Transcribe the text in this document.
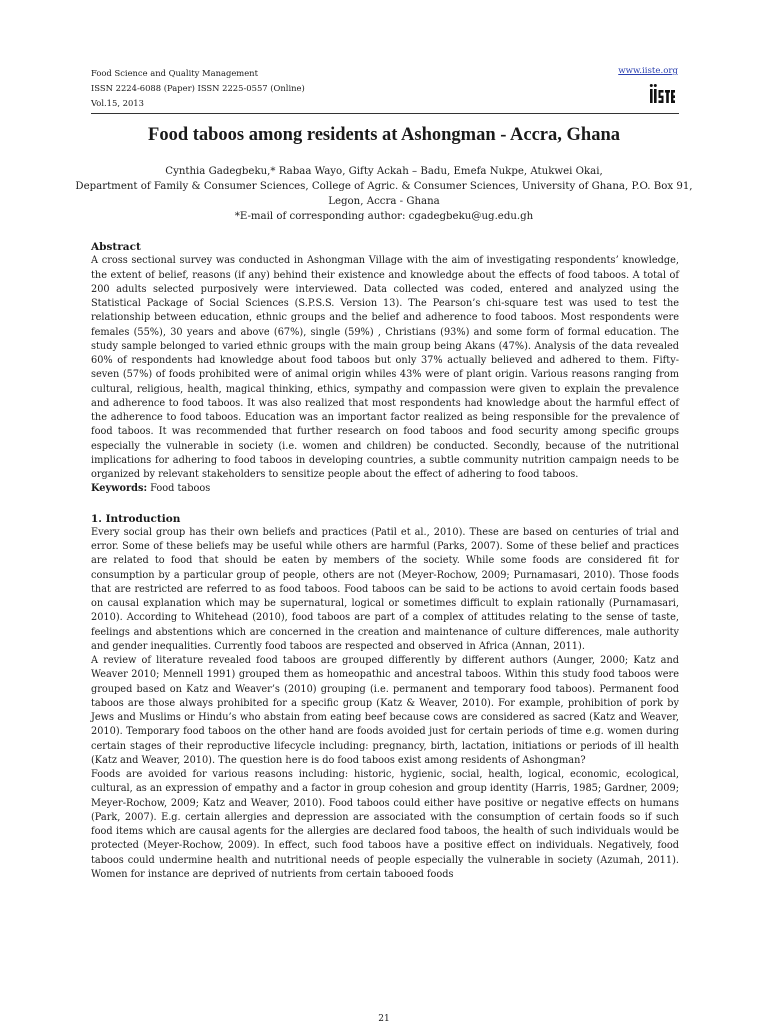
Food Science and Quality Management
ISSN 2224-6088 (Paper) ISSN 2225-0557 (Online)
Vol.15, 2013
www.iiste.org
Food taboos among residents at Ashongman - Accra, Ghana
Cynthia Gadegbeku,* Rabaa Wayo, Gifty Ackah – Badu, Emefa Nukpe, Atukwei Okai,
Department of Family & Consumer Sciences, College of Agric. & Consumer Sciences, University of Ghana, P.O. Box 91, Legon, Accra - Ghana
*E-mail of corresponding author: cgadegbeku@ug.edu.gh
Abstract

A cross sectional survey was conducted in Ashongman Village with the aim of investigating respondents’ knowledge, the extent of belief, reasons (if any) behind their existence and knowledge about the effects of food taboos. A total of 200 adults selected purposively were interviewed. Data collected was coded, entered and analyzed using the Statistical Package of Social Sciences (S.P.S.S. Version 13). The Pearson’s chi-square test was used to test the relationship between education, ethnic groups and the belief and adherence to food taboos. Most respondents were females (55%), 30 years and above (67%), single (59%) , Christians (93%) and some form of formal education. The study sample belonged to varied ethnic groups with the main group being Akans (47%). Analysis of the data revealed 60% of respondents had knowledge about food taboos but only 37% actually believed and adhered to them. Fifty-seven (57%) of foods prohibited were of animal origin whiles 43% were of plant origin. Various reasons ranging from cultural, religious, health, magical thinking, ethics, sympathy and compassion were given to explain the prevalence and adherence to food taboos. It was also realized that most respondents had knowledge about the harmful effect of the adherence to food taboos. Education was an important factor realized as being responsible for the prevalence of food taboos. It was recommended that further research on food taboos and food security among specific groups especially the vulnerable in society (i.e. women and children) be conducted. Secondly, because of the nutritional implications for adhering to food taboos in developing countries, a subtle community nutrition campaign needs to be organized by relevant stakeholders to sensitize people about the effect of adhering to food taboos.

Keywords: Food taboos

1. Introduction

Every social group has their own beliefs and practices (Patil et al., 2010). These are based on centuries of trial and error. Some of these beliefs may be useful while others are harmful (Parks, 2007). Some of these belief and practices are related to food that should be eaten by members of the society. While some foods are considered fit for consumption by a particular group of people, others are not (Meyer-Rochow, 2009; Purnamasari, 2010). Those foods that are restricted are referred to as food taboos. Food taboos can be said to be actions to avoid certain foods based on causal explanation which may be supernatural, logical or sometimes difficult to explain rationally (Purnamasari, 2010). According to Whitehead (2010), food taboos are part of a complex of attitudes relating to the sense of taste, feelings and abstentions which are concerned in the creation and maintenance of culture differences, male authority and gender inequalities. Currently food taboos are respected and observed in Africa (Annan, 2011).

A review of literature revealed food taboos are grouped differently by different authors (Aunger, 2000; Katz and Weaver 2010; Mennell 1991) grouped them as homeopathic and ancestral taboos. Within this study food taboos were grouped based on Katz and Weaver’s (2010) grouping (i.e. permanent and temporary food taboos). Permanent food taboos are those always prohibited for a specific group (Katz & Weaver, 2010). For example, prohibition of pork by Jews and Muslims or Hindu’s who abstain from eating beef because cows are considered as sacred (Katz and Weaver, 2010). Temporary food taboos on the other hand are foods avoided just for certain periods of time e.g. women during certain stages of their reproductive lifecycle including: pregnancy, birth, lactation, initiations or periods of ill health (Katz and Weaver, 2010). The question here is do food taboos exist among residents of Ashongman?

Foods are avoided for various reasons including: historic, hygienic, social, health, logical, economic, ecological, cultural, as an expression of empathy and a factor in group cohesion and group identity (Harris, 1985; Gardner, 2009; Meyer-Rochow, 2009; Katz and Weaver, 2010). Food taboos could either have positive or negative effects on humans (Park, 2007). E.g. certain allergies and depression are associated with the consumption of certain foods so if such food items which are causal agents for the allergies are declared food taboos, the health of such individuals would be protected (Meyer-Rochow, 2009). In effect, such food taboos have a positive effect on individuals. Negatively, food taboos could undermine health and nutritional needs of people especially the vulnerable in society (Azumah, 2011). Women for instance are deprived of nutrients from certain tabooed foods

21
